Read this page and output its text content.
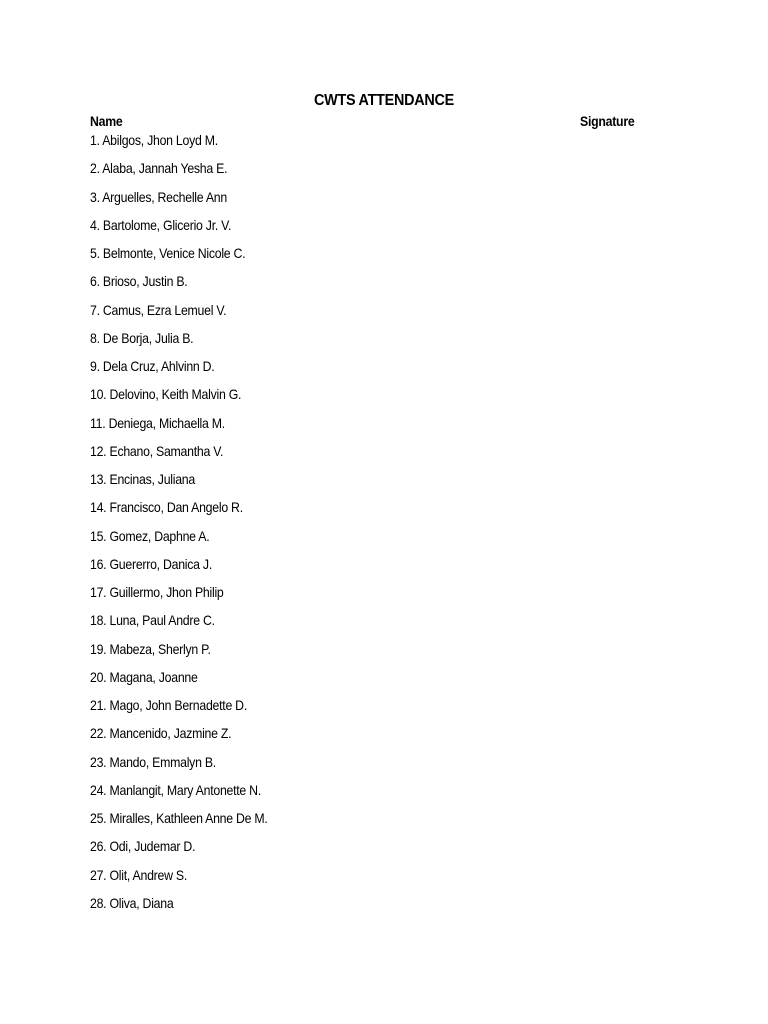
CWTS ATTENDANCE
Name	Signature
1. Abilgos, Jhon Loyd M.
2. Alaba, Jannah Yesha E.
3. Arguelles, Rechelle Ann
4. Bartolome, Glicerio Jr. V.
5. Belmonte, Venice Nicole C.
6. Brioso, Justin B.
7. Camus, Ezra Lemuel V.
8. De Borja, Julia B.
9. Dela Cruz, Ahlvinn D.
10. Delovino, Keith Malvin G.
11. Deniega, Michaella M.
12. Echano, Samantha V.
13. Encinas, Juliana
14. Francisco, Dan Angelo R.
15. Gomez, Daphne A.
16. Guererro, Danica J.
17. Guillermo, Jhon Philip
18. Luna, Paul Andre C.
19. Mabeza, Sherlyn P.
20. Magana, Joanne
21. Mago, John Bernadette D.
22. Mancenido, Jazmine Z.
23. Mando, Emmalyn B.
24. Manlangit, Mary Antonette N.
25. Miralles, Kathleen Anne De M.
26. Odi, Judemar D.
27. Olit, Andrew S.
28. Oliva, Diana
